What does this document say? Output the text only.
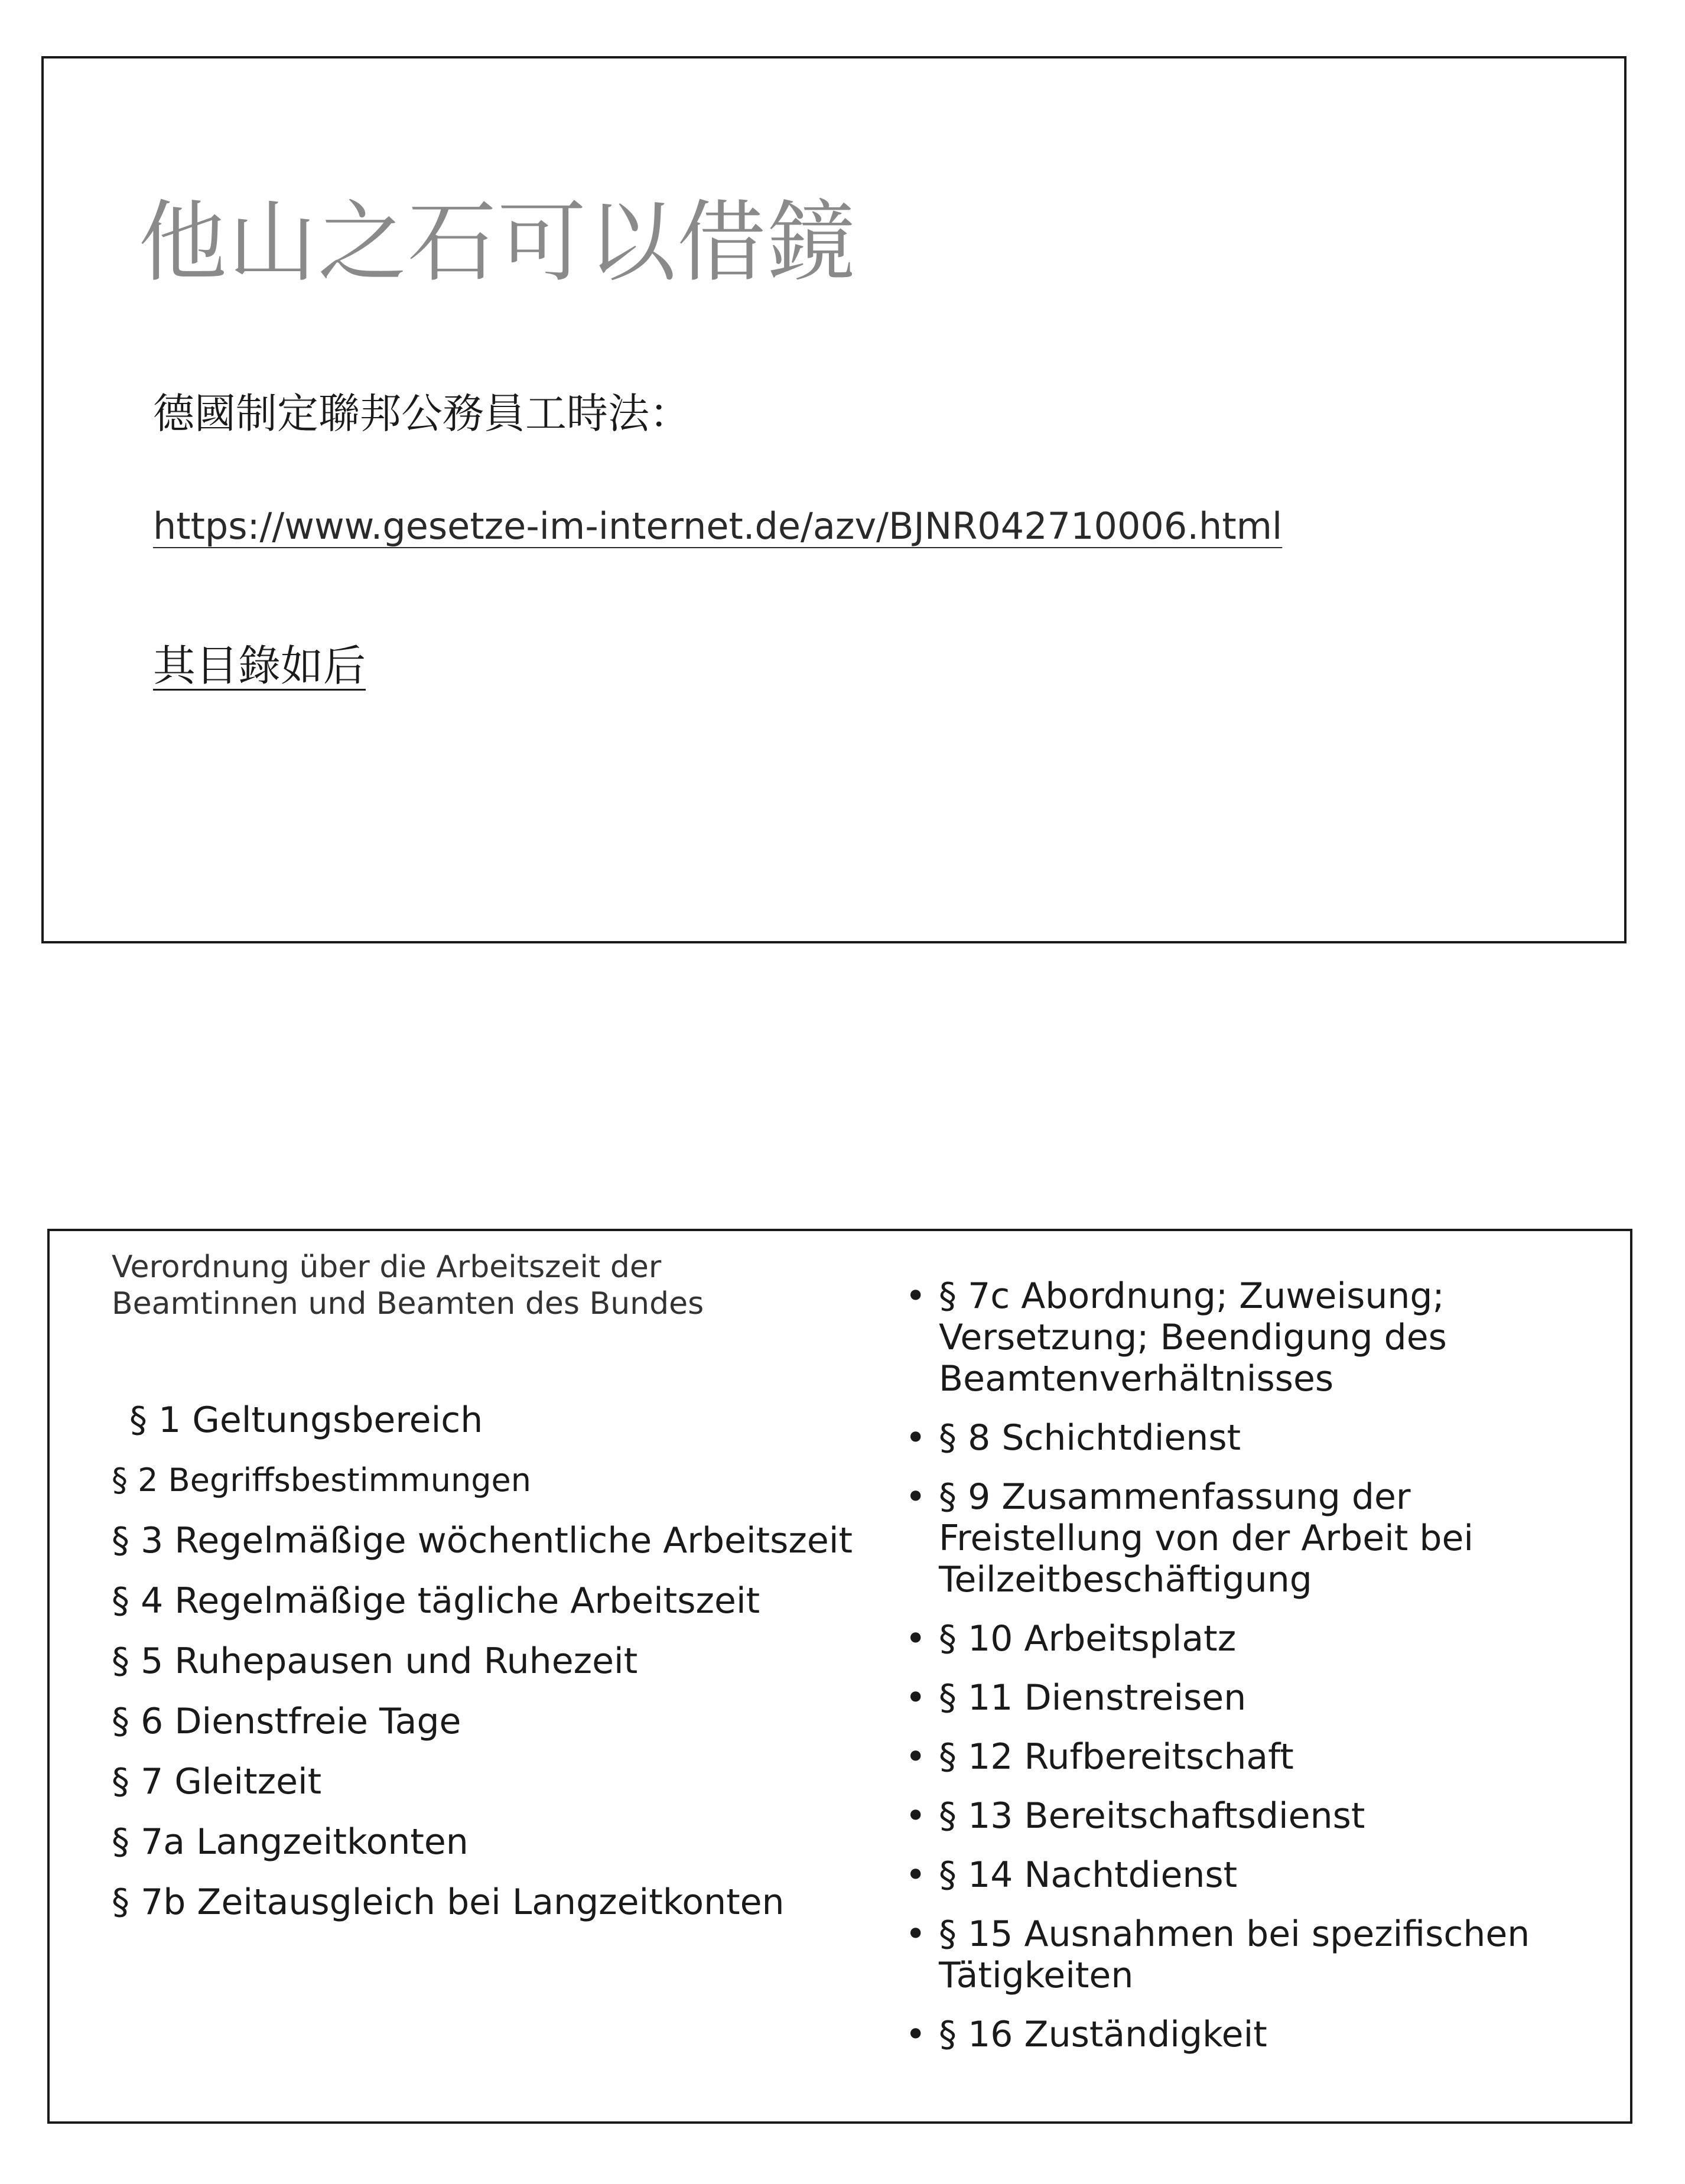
他山之石可以借鏡
德國制定聯邦公務員工時法：
https://www.gesetze-im-internet.de/azv/BJNR042710006.html
其目錄如后
Verordnung über die Arbeitszeit der
Beamtinnen und Beamten des Bundes
§ 1 Geltungsbereich
§ 2 Begriffsbestimmungen
§ 3 Regelmäßige wöchentliche Arbeitszeit
§ 4 Regelmäßige tägliche Arbeitszeit
§ 5 Ruhepausen und Ruhezeit
§ 6 Dienstfreie Tage
§ 7 Gleitzeit
§ 7a Langzeitkonten
§ 7b Zeitausgleich bei Langzeitkonten
• § 7c Abordnung; Zuweisung; Versetzung; Beendigung des Beamtenverhältnisses
• § 8 Schichtdienst
• § 9 Zusammenfassung der Freistellung von der Arbeit bei Teilzeitbeschäftigung
• § 10 Arbeitsplatz
• § 11 Dienstreisen
• § 12 Rufbereitschaft
• § 13 Bereitschaftsdienst
• § 14 Nachtdienst
• § 15 Ausnahmen bei spezifischen Tätigkeiten
• § 16 Zuständigkeit
